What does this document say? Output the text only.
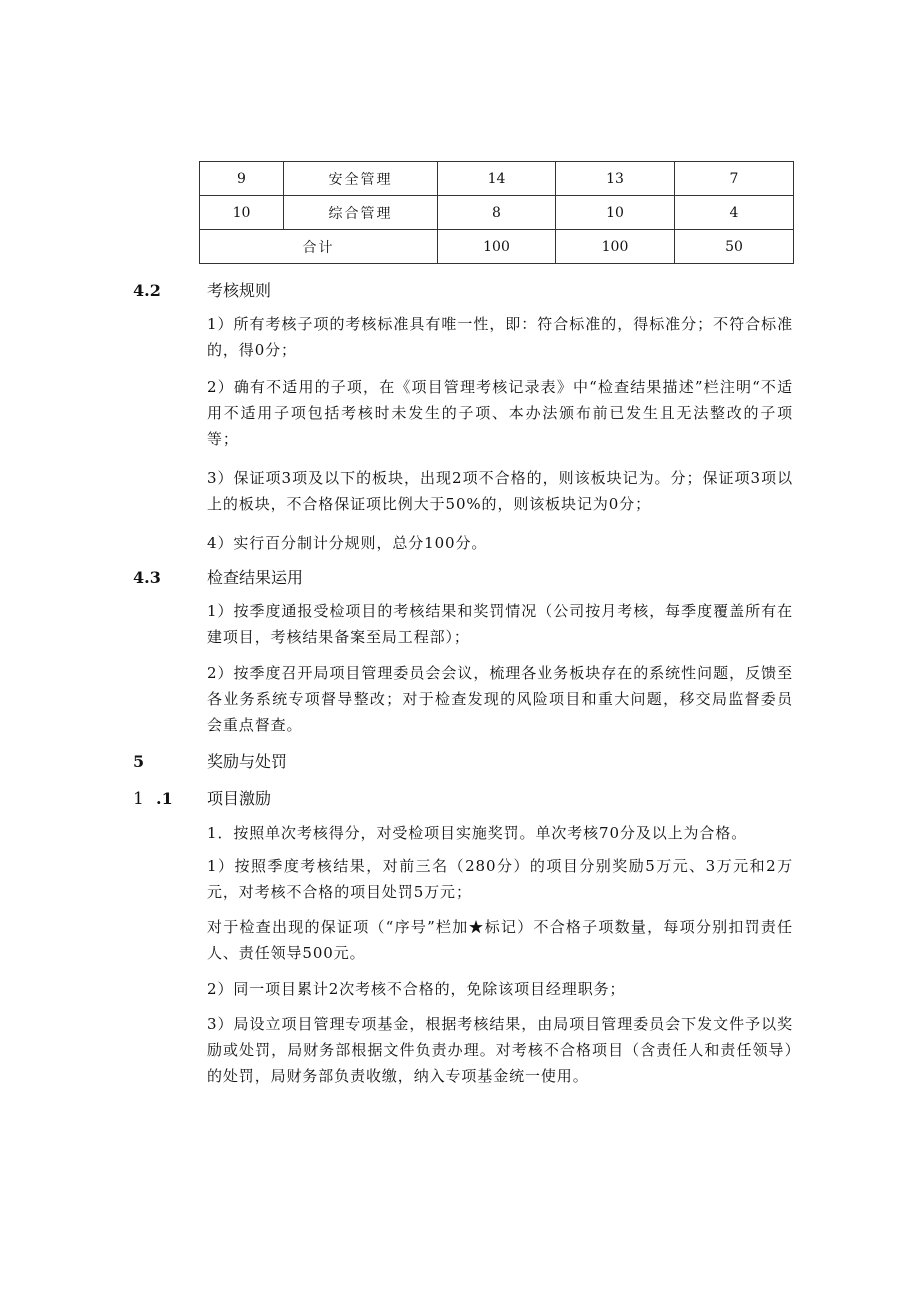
9	安全管理	14	13	7
10	综合管理	8	10	4
合计		100	100	50
4.2	考核规则
1）所有考核子项的考核标准具有唯一性，即：符合标准的，得标准分；不符合标准的，得0分；
2）确有不适用的子项，在《项目管理考核记录表》中“检查结果描述”栏注明“不适用不适用子项包括考核时未发生的子项、本办法颁布前已发生且无法整改的子项等；
3）保证项3项及以下的板块，出现2项不合格的，则该板块记为。分；保证项3项以上的板块，不合格保证项比例大于50%的，则该板块记为0分；
4）实行百分制计分规则，总分100分。
4.3	检查结果运用
1）按季度通报受检项目的考核结果和奖罚情况（公司按月考核，每季度覆盖所有在建项目，考核结果备案至局工程部）；
2）按季度召开局项目管理委员会会议，梳理各业务板块存在的系统性问题，反馈至各业务系统专项督导整改；对于检查发现的风险项目和重大问题，移交局监督委员会重点督查。
5	奖励与处罚
1 .1 项目激励
1．按照单次考核得分，对受检项目实施奖罚。单次考核70分及以上为合格。
1）按照季度考核结果，对前三名（280分）的项目分别奖励5万元、3万元和2万元，对考核不合格的项目处罚5万元；
对于检查出现的保证项（“序号”栏加★标记）不合格子项数量，每项分别扣罚责任人、责任领导500元。
2）同一项目累计2次考核不合格的，免除该项目经理职务；
3）局设立项目管理专项基金，根据考核结果，由局项目管理委员会下发文件予以奖励或处罚，局财务部根据文件负责办理。对考核不合格项目（含责任人和责任领导）的处罚，局财务部负责收缴，纳入专项基金统一使用。
